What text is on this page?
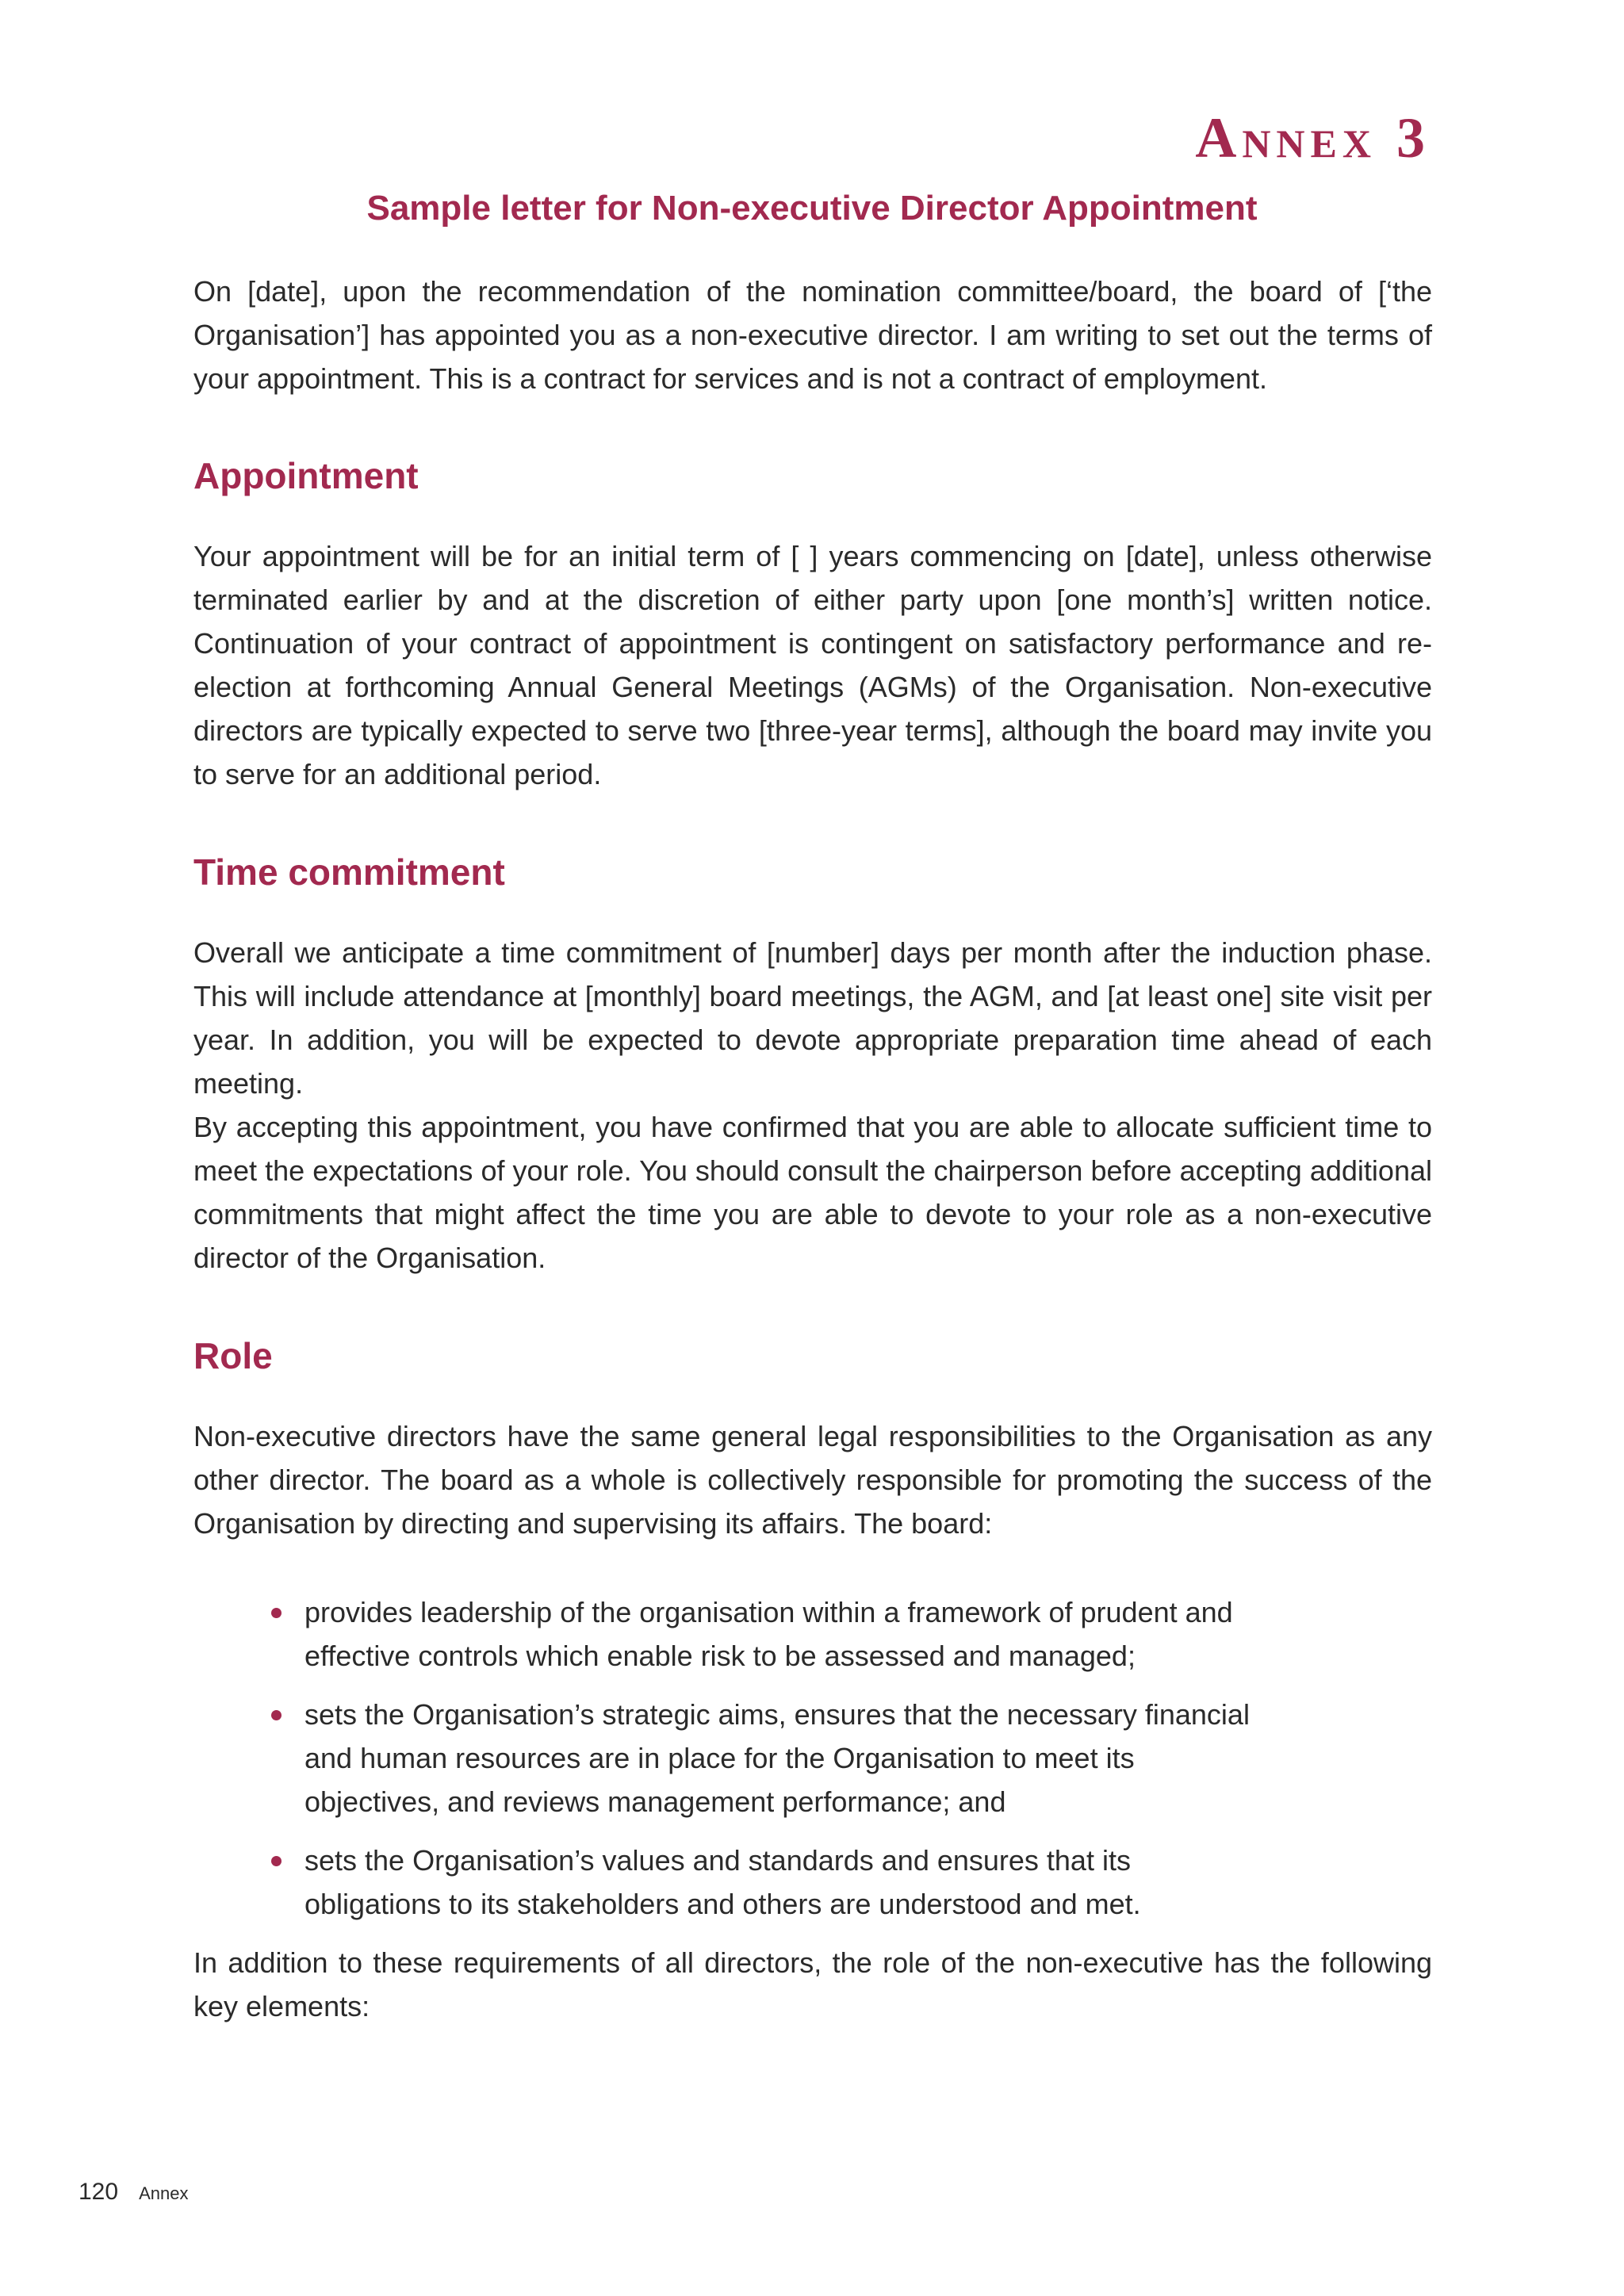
Annex 3
Sample letter for Non-executive Director Appointment

On [date], upon the recommendation of the nomination committee/board, the board of [‘the Organisation’] has appointed you as a non-executive director. I am writing to set out the terms of your appointment. This is a contract for services and is not a contract of employment.

Appointment

Your appointment will be for an initial term of [ ] years commencing on [date], unless otherwise terminated earlier by and at the discretion of either party upon [one month’s] written notice. Continuation of your contract of appointment is contingent on satisfactory performance and re-election at forthcoming Annual General Meetings (AGMs) of the Organisation. Non-executive directors are typically expected to serve two [three-year terms], although the board may invite you to serve for an additional period.

Time commitment

Overall we anticipate a time commitment of [number] days per month after the induction phase. This will include attendance at [monthly] board meetings, the AGM, and [at least one] site visit per year. In addition, you will be expected to devote appropriate preparation time ahead of each meeting.

By accepting this appointment, you have confirmed that you are able to allocate sufficient time to meet the expectations of your role. You should consult the chairperson before accepting additional commitments that might affect the time you are able to devote to your role as a non-executive director of the Organisation.

Role

Non-executive directors have the same general legal responsibilities to the Organisation as any other director. The board as a whole is collectively responsible for promoting the success of the Organisation by directing and supervising its affairs. The board:

provides leadership of the organisation within a framework of prudent and effective controls which enable risk to be assessed and managed;
sets the Organisation’s strategic aims, ensures that the necessary financial and human resources are in place for the Organisation to meet its objectives, and reviews management performance; and
sets the Organisation’s values and standards and ensures that its obligations to its stakeholders and others are understood and met.

In addition to these requirements of all directors, the role of the non-executive has the following key elements:

120 Annex
